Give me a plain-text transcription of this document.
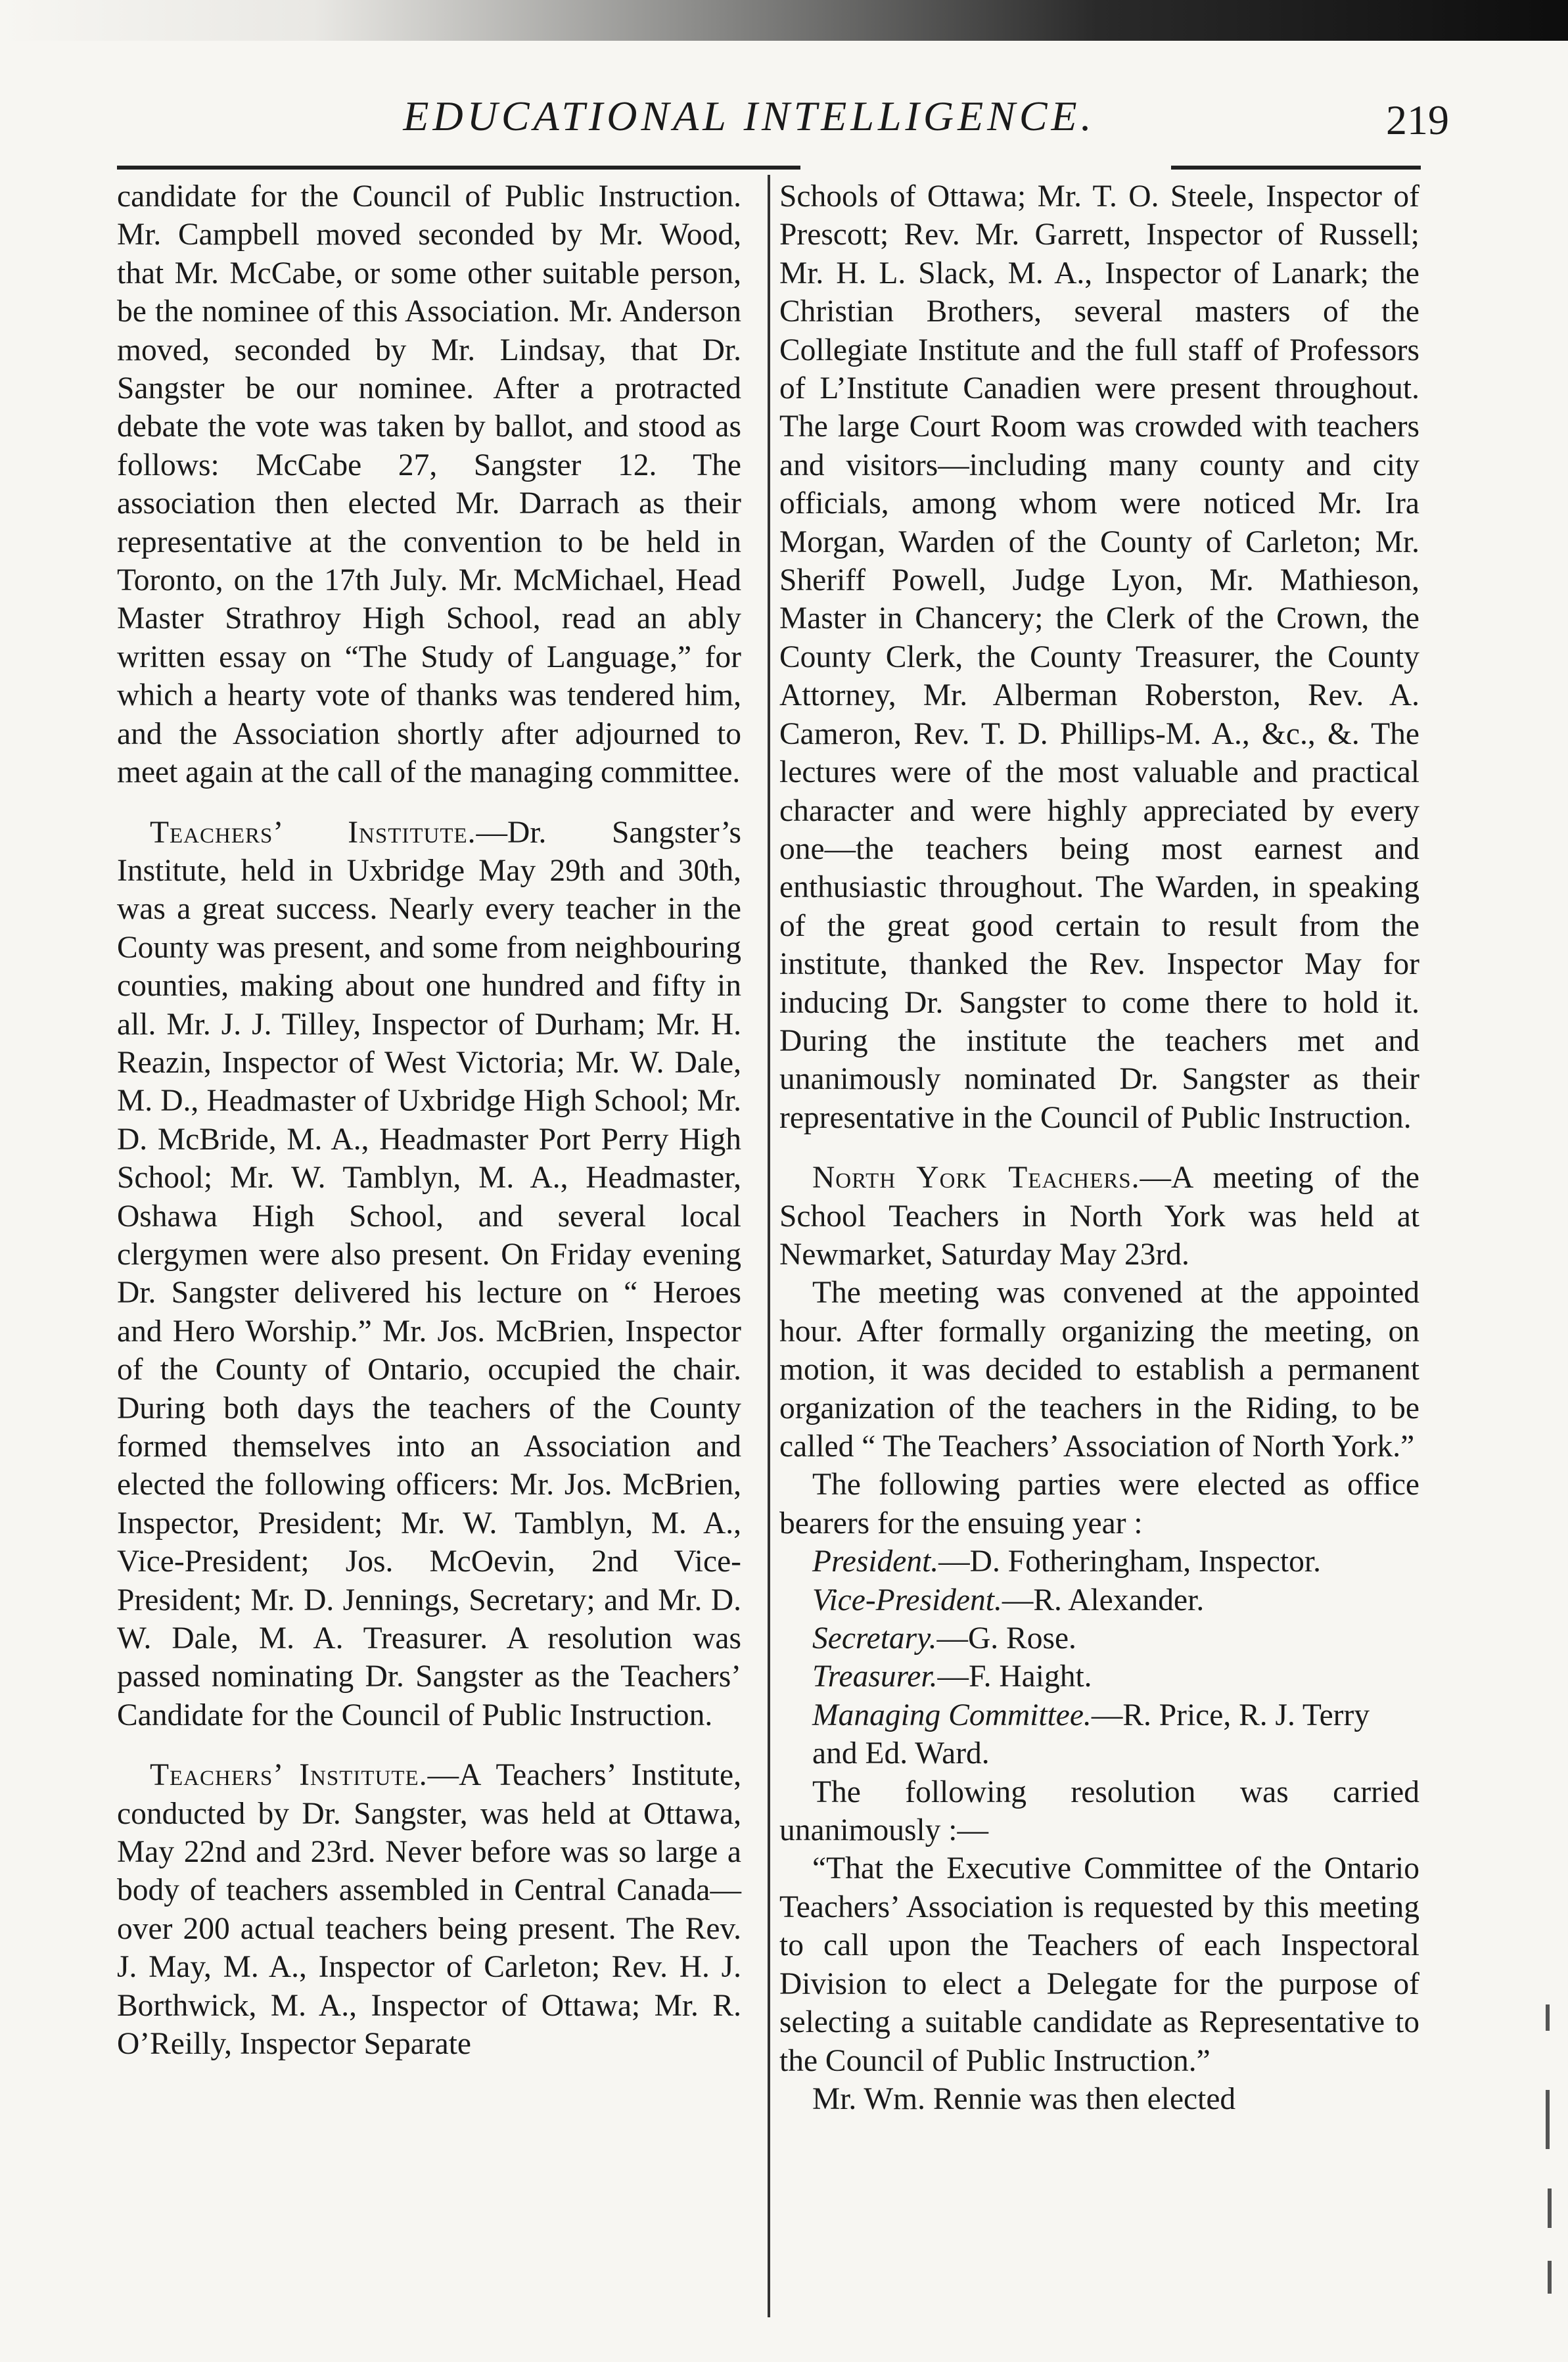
EDUCATIONAL INTELLIGENCE.	219

candidate for the Council of Public Instruction. Mr. Campbell moved seconded by Mr. Wood, that Mr. McCabe, or some other suitable person, be the nominee of this Association. Mr. Anderson moved, seconded by Mr. Lindsay, that Dr. Sangster be our nominee. After a protracted debate the vote was taken by ballot, and stood as follows: McCabe 27, Sangster 12. The association then elected Mr. Darrach as their representative at the convention to be held in Toronto, on the 17th July. Mr. McMichael, Head Master Strathroy High School, read an ably written essay on “The Study of Language,” for which a hearty vote of thanks was tendered him, and the Association shortly after adjourned to meet again at the call of the managing committee.

Teachers’ Institute.—Dr. Sangster’s Institute, held in Uxbridge May 29th and 30th, was a great success. Nearly every teacher in the County was present, and some from neighbouring counties, making about one hundred and fifty in all. Mr. J. J. Tilley, Inspector of Durham; Mr. H. Reazin, Inspector of West Victoria; Mr. W. Dale, M. D., Headmaster of Uxbridge High School; Mr. D. McBride, M. A., Headmaster Port Perry High School; Mr. W. Tamblyn, M. A., Headmaster, Oshawa High School, and several local clergymen were also present. On Friday evening Dr. Sangster delivered his lecture on “ Heroes and Hero Worship.” Mr. Jos. McBrien, Inspector of the County of Ontario, occupied the chair. During both days the teachers of the County formed themselves into an Association and elected the following officers: Mr. Jos. McBrien, Inspector, President; Mr. W. Tamblyn, M. A., Vice-President; Jos. McOevin, 2nd Vice-President; Mr. D. Jennings, Secretary; and Mr. D. W. Dale, M. A. Treasurer. A resolution was passed nominating Dr. Sangster as the Teachers’ Candidate for the Council of Public Instruction.

Teachers’ Institute.—A Teachers’ Institute, conducted by Dr. Sangster, was held at Ottawa, May 22nd and 23rd. Never before was so large a body of teachers assembled in Central Canada—over 200 actual teachers being present. The Rev. J. May, M. A., Inspector of Carleton; Rev. H. J. Borthwick, M. A., Inspector of Ottawa; Mr. R. O’Reilly, Inspector Separate

Schools of Ottawa; Mr. T. O. Steele, Inspector of Prescott; Rev. Mr. Garrett, Inspector of Russell; Mr. H. L. Slack, M. A., Inspector of Lanark; the Christian Brothers, several masters of the Collegiate Institute and the full staff of Professors of L’Institute Canadien were present throughout. The large Court Room was crowded with teachers and visitors—including many county and city officials, among whom were noticed Mr. Ira Morgan, Warden of the County of Carleton; Mr. Sheriff Powell, Judge Lyon, Mr. Mathieson, Master in Chancery; the Clerk of the Crown, the County Clerk, the County Treasurer, the County Attorney, Mr. Alberman Roberston, Rev. A. Cameron, Rev. T. D. Phillips-M. A., &c., &. The lectures were of the most valuable and practical character and were highly appreciated by every one—the teachers being most earnest and enthusiastic throughout. The Warden, in speaking of the great good certain to result from the institute, thanked the Rev. Inspector May for inducing Dr. Sangster to come there to hold it. During the institute the teachers met and unanimously nominated Dr. Sangster as their representative in the Council of Public Instruction.

North York Teachers.—A meeting of the School Teachers in North York was held at Newmarket, Saturday May 23rd.

The meeting was convened at the appointed hour. After formally organizing the meeting, on motion, it was decided to establish a permanent organization of the teachers in the Riding, to be called “ The Teachers’ Association of North York.”

The following parties were elected as office bearers for the ensuing year :

President.—D. Fotheringham, Inspector.

Vice-President.—R. Alexander.

Secretary.—G. Rose.

Treasurer.—F. Haight.

Managing Committee.—R. Price, R. J. Terry and Ed. Ward.

The following resolution was carried unanimously :—

“That the Executive Committee of the Ontario Teachers’ Association is requested by this meeting to call upon the Teachers of each Inspectoral Division to elect a Delegate for the purpose of selecting a suitable candidate as Representative to the Council of Public Instruction.”

Mr. Wm. Rennie was then elected
